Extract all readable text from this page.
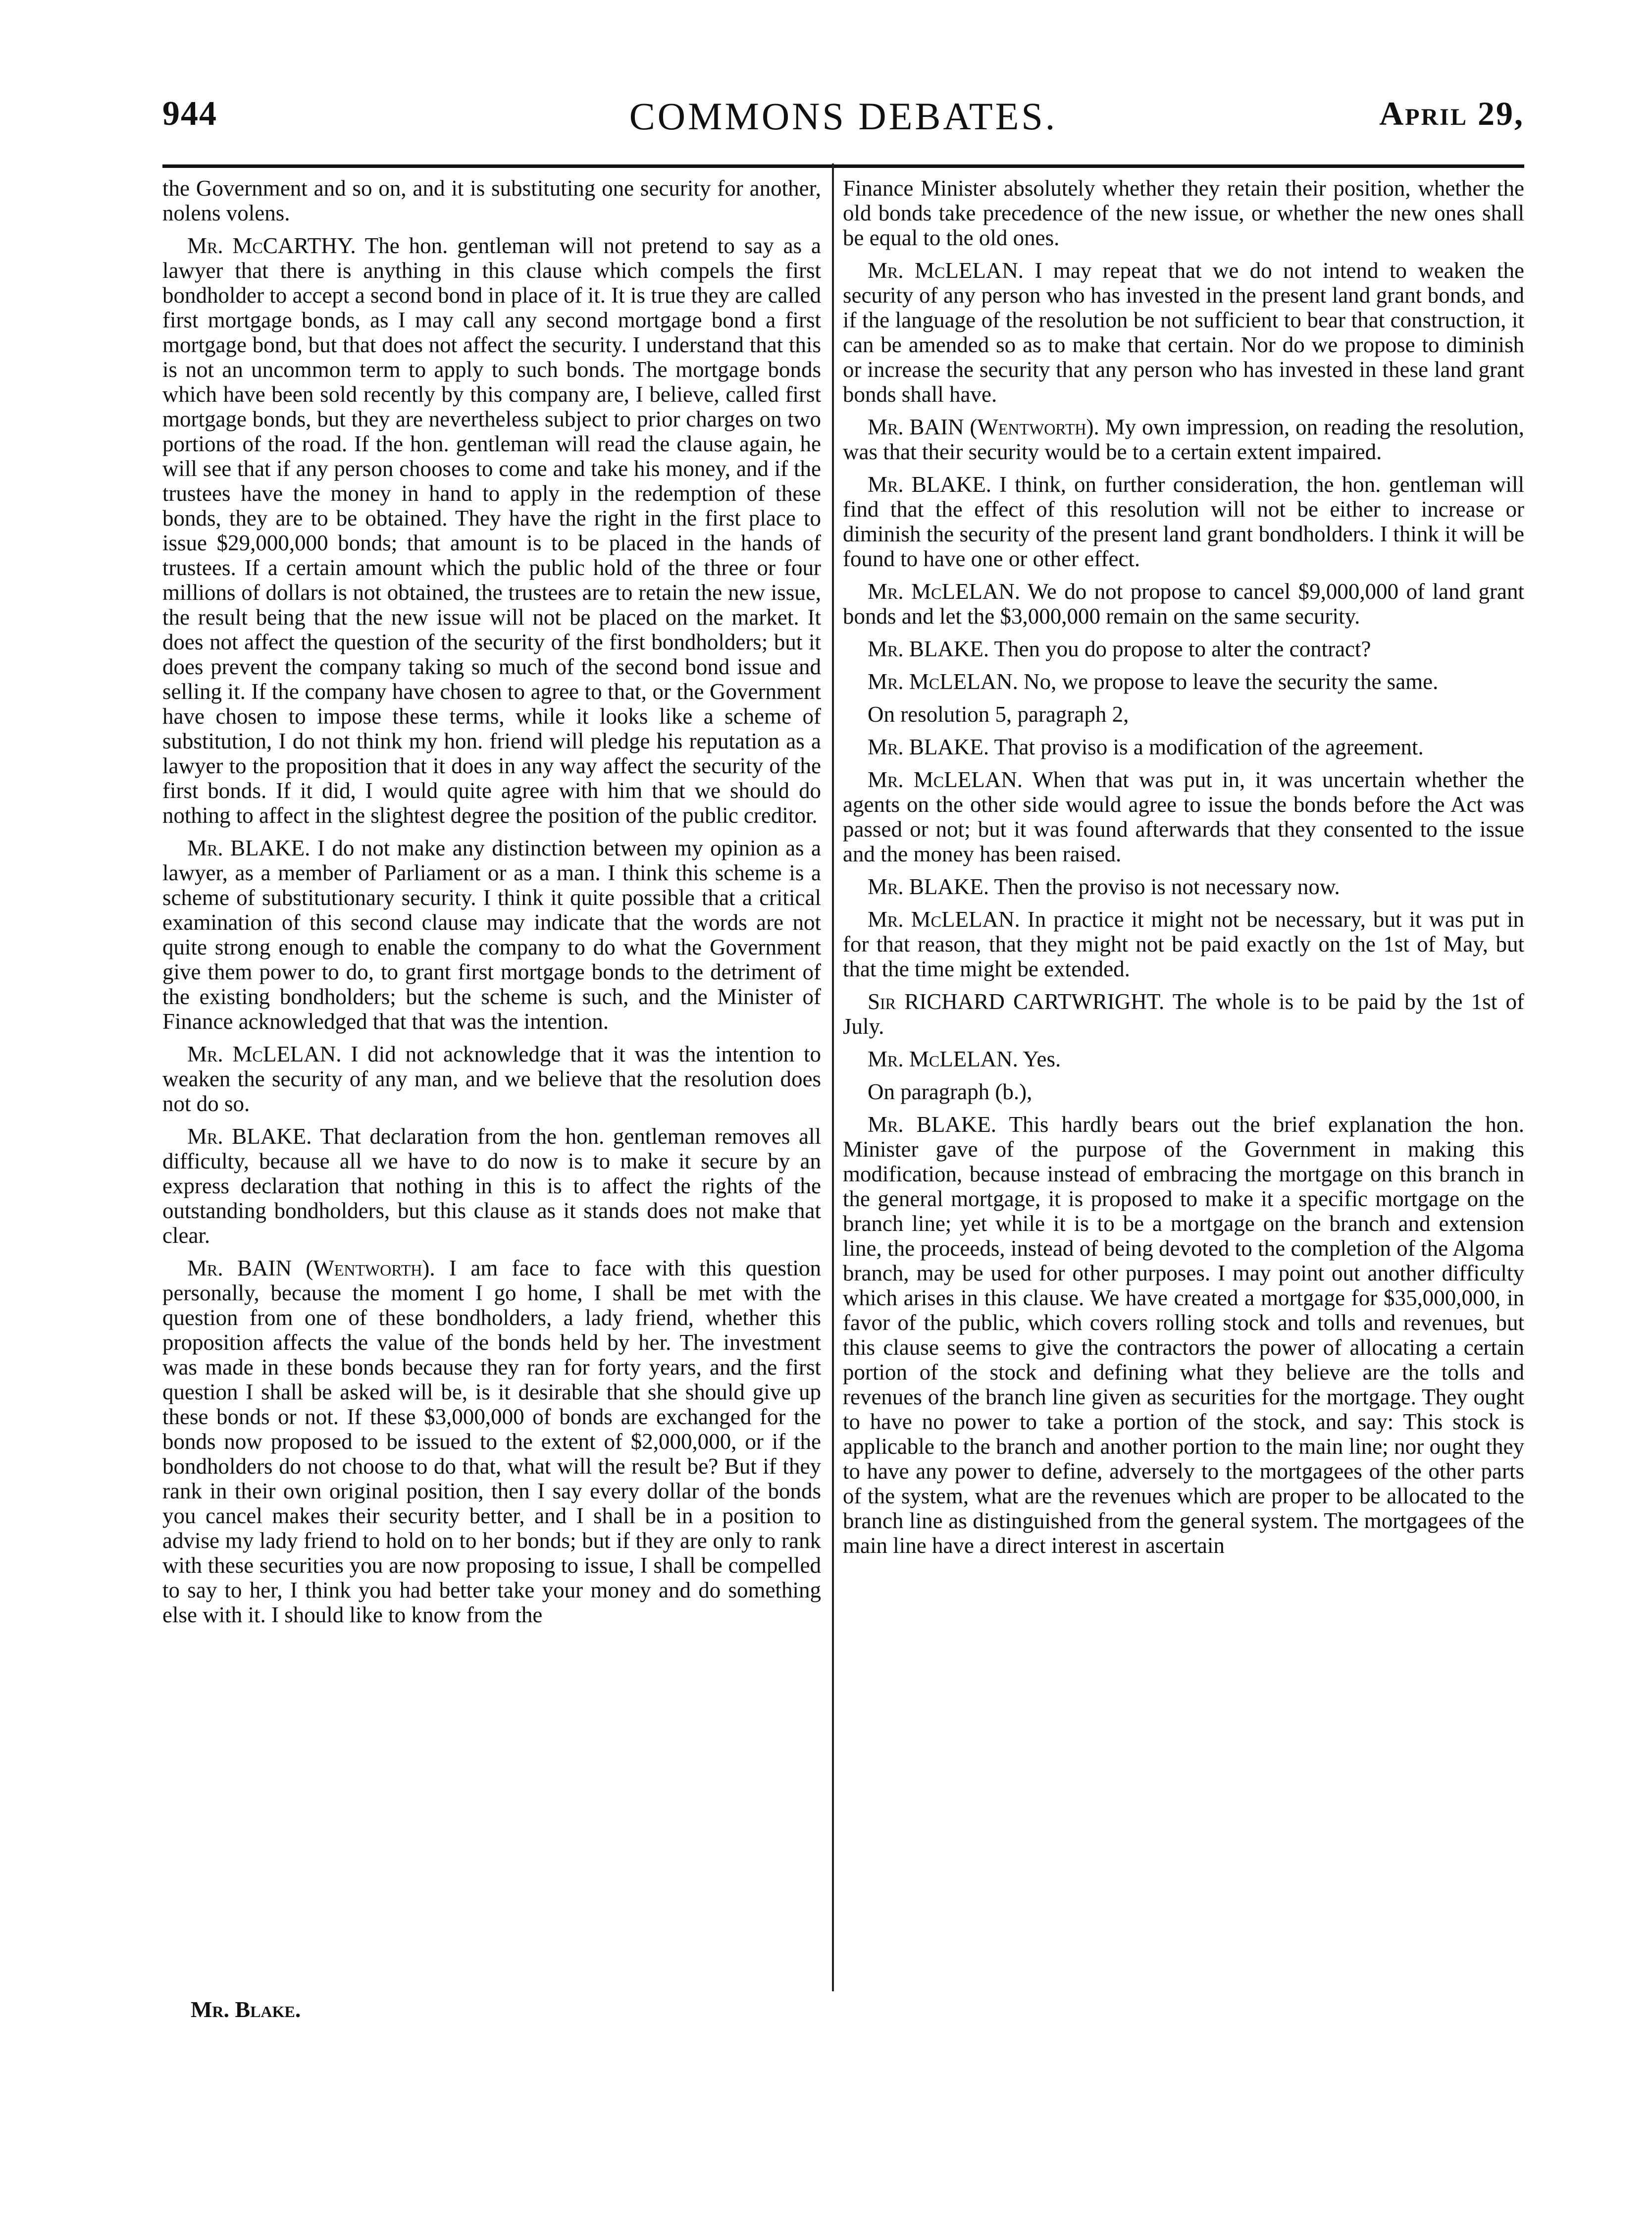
944	COMMONS DEBATES.	April 29,

the Government and so on, and it is substituting one security for another, nolens volens.

Mr. McCARTHY. The hon. gentleman will not pretend to say as a lawyer that there is anything in this clause which compels the first bondholder to accept a second bond in place of it. It is true they are called first mortgage bonds, as I may call any second mortgage bond a first mortgage bond, but that does not affect the security. I understand that this is not an uncommon term to apply to such bonds. The mortgage bonds which have been sold recently by this company are, I believe, called first mortgage bonds, but they are nevertheless subject to prior charges on two portions of the road. If the hon. gentleman will read the clause again, he will see that if any person chooses to come and take his money, and if the trustees have the money in hand to apply in the redemption of these bonds, they are to be obtained. They have the right in the first place to issue $29,000,000 bonds; that amount is to be placed in the hands of trustees. If a certain amount which the public hold of the three or four millions of dollars is not obtained, the trustees are to retain the new issue, the result being that the new issue will not be placed on the market. It does not affect the question of the security of the first bondholders; but it does prevent the company taking so much of the second bond issue and selling it. If the company have chosen to agree to that, or the Government have chosen to impose these terms, while it looks like a scheme of substitution, I do not think my hon. friend will pledge his reputation as a lawyer to the proposition that it does in any way affect the security of the first bonds. If it did, I would quite agree with him that we should do nothing to affect in the slightest degree the position of the public creditor.

Mr. BLAKE. I do not make any distinction between my opinion as a lawyer, as a member of Parliament or as a man. I think this scheme is a scheme of substitutionary security. I think it quite possible that a critical examination of this second clause may indicate that the words are not quite strong enough to enable the company to do what the Government give them power to do, to grant first mortgage bonds to the detriment of the existing bondholders; but the scheme is such, and the Minister of Finance acknowledged that that was the intention.

Mr. McLELAN. I did not acknowledge that it was the intention to weaken the security of any man, and we believe that the resolution does not do so.

Mr. BLAKE. That declaration from the hon. gentleman removes all difficulty, because all we have to do now is to make it secure by an express declaration that nothing in this is to affect the rights of the outstanding bondholders, but this clause as it stands does not make that clear.

Mr. BAIN (Wentworth). I am face to face with this question personally, because the moment I go home, I shall be met with the question from one of these bondholders, a lady friend, whether this proposition affects the value of the bonds held by her. The investment was made in these bonds because they ran for forty years, and the first question I shall be asked will be, is it desirable that she should give up these bonds or not. If these $3,000,000 of bonds are exchanged for the bonds now proposed to be issued to the extent of $2,000,000, or if the bondholders do not choose to do that, what will the result be? But if they rank in their own original position, then I say every dollar of the bonds you cancel makes their security better, and I shall be in a position to advise my lady friend to hold on to her bonds; but if they are only to rank with these securities you are now proposing to issue, I shall be compelled to say to her, I think you had better take your money and do something else with it. I should like to know from the

Finance Minister absolutely whether they retain their position, whether the old bonds take precedence of the new issue, or whether the new ones shall be equal to the old ones.

Mr. McLELAN. I may repeat that we do not intend to weaken the security of any person who has invested in the present land grant bonds, and if the language of the resolution be not sufficient to bear that construction, it can be amended so as to make that certain. Nor do we propose to diminish or increase the security that any person who has invested in these land grant bonds shall have.

Mr. BAIN (Wentworth). My own impression, on reading the resolution, was that their security would be to a certain extent impaired.

Mr. BLAKE. I think, on further consideration, the hon. gentleman will find that the effect of this resolution will not be either to increase or diminish the security of the present land grant bondholders. I think it will be found to have one or other effect.

Mr. McLELAN. We do not propose to cancel $9,000,000 of land grant bonds and let the $3,000,000 remain on the same security.

Mr. BLAKE. Then you do propose to alter the contract?

Mr. McLELAN. No, we propose to leave the security the same.

On resolution 5, paragraph 2,

Mr. BLAKE. That proviso is a modification of the agreement.

Mr. McLELAN. When that was put in, it was uncertain whether the agents on the other side would agree to issue the bonds before the Act was passed or not; but it was found afterwards that they consented to the issue and the money has been raised.

Mr. BLAKE. Then the proviso is not necessary now.

Mr. McLELAN. In practice it might not be necessary, but it was put in for that reason, that they might not be paid exactly on the 1st of May, but that the time might be extended.

Sir RICHARD CARTWRIGHT. The whole is to be paid by the 1st of July.

Mr. McLELAN. Yes.

On paragraph (b.),

Mr. BLAKE. This hardly bears out the brief explanation the hon. Minister gave of the purpose of the Government in making this modification, because instead of embracing the mortgage on this branch in the general mortgage, it is proposed to make it a specific mortgage on the branch line; yet while it is to be a mortgage on the branch and extension line, the proceeds, instead of being devoted to the completion of the Algoma branch, may be used for other purposes. I may point out another difficulty which arises in this clause. We have created a mortgage for $35,000,000, in favor of the public, which covers rolling stock and tolls and revenues, but this clause seems to give the contractors the power of allocating a certain portion of the stock and defining what they believe are the tolls and revenues of the branch line given as securities for the mortgage. They ought to have no power to take a portion of the stock, and say: This stock is applicable to the branch and another portion to the main line; nor ought they to have any power to define, adversely to the mortgagees of the other parts of the system, what are the revenues which are proper to be allocated to the branch line as distinguished from the general system. The mortgagees of the main line have a direct interest in ascertain

Mr. Blake.
